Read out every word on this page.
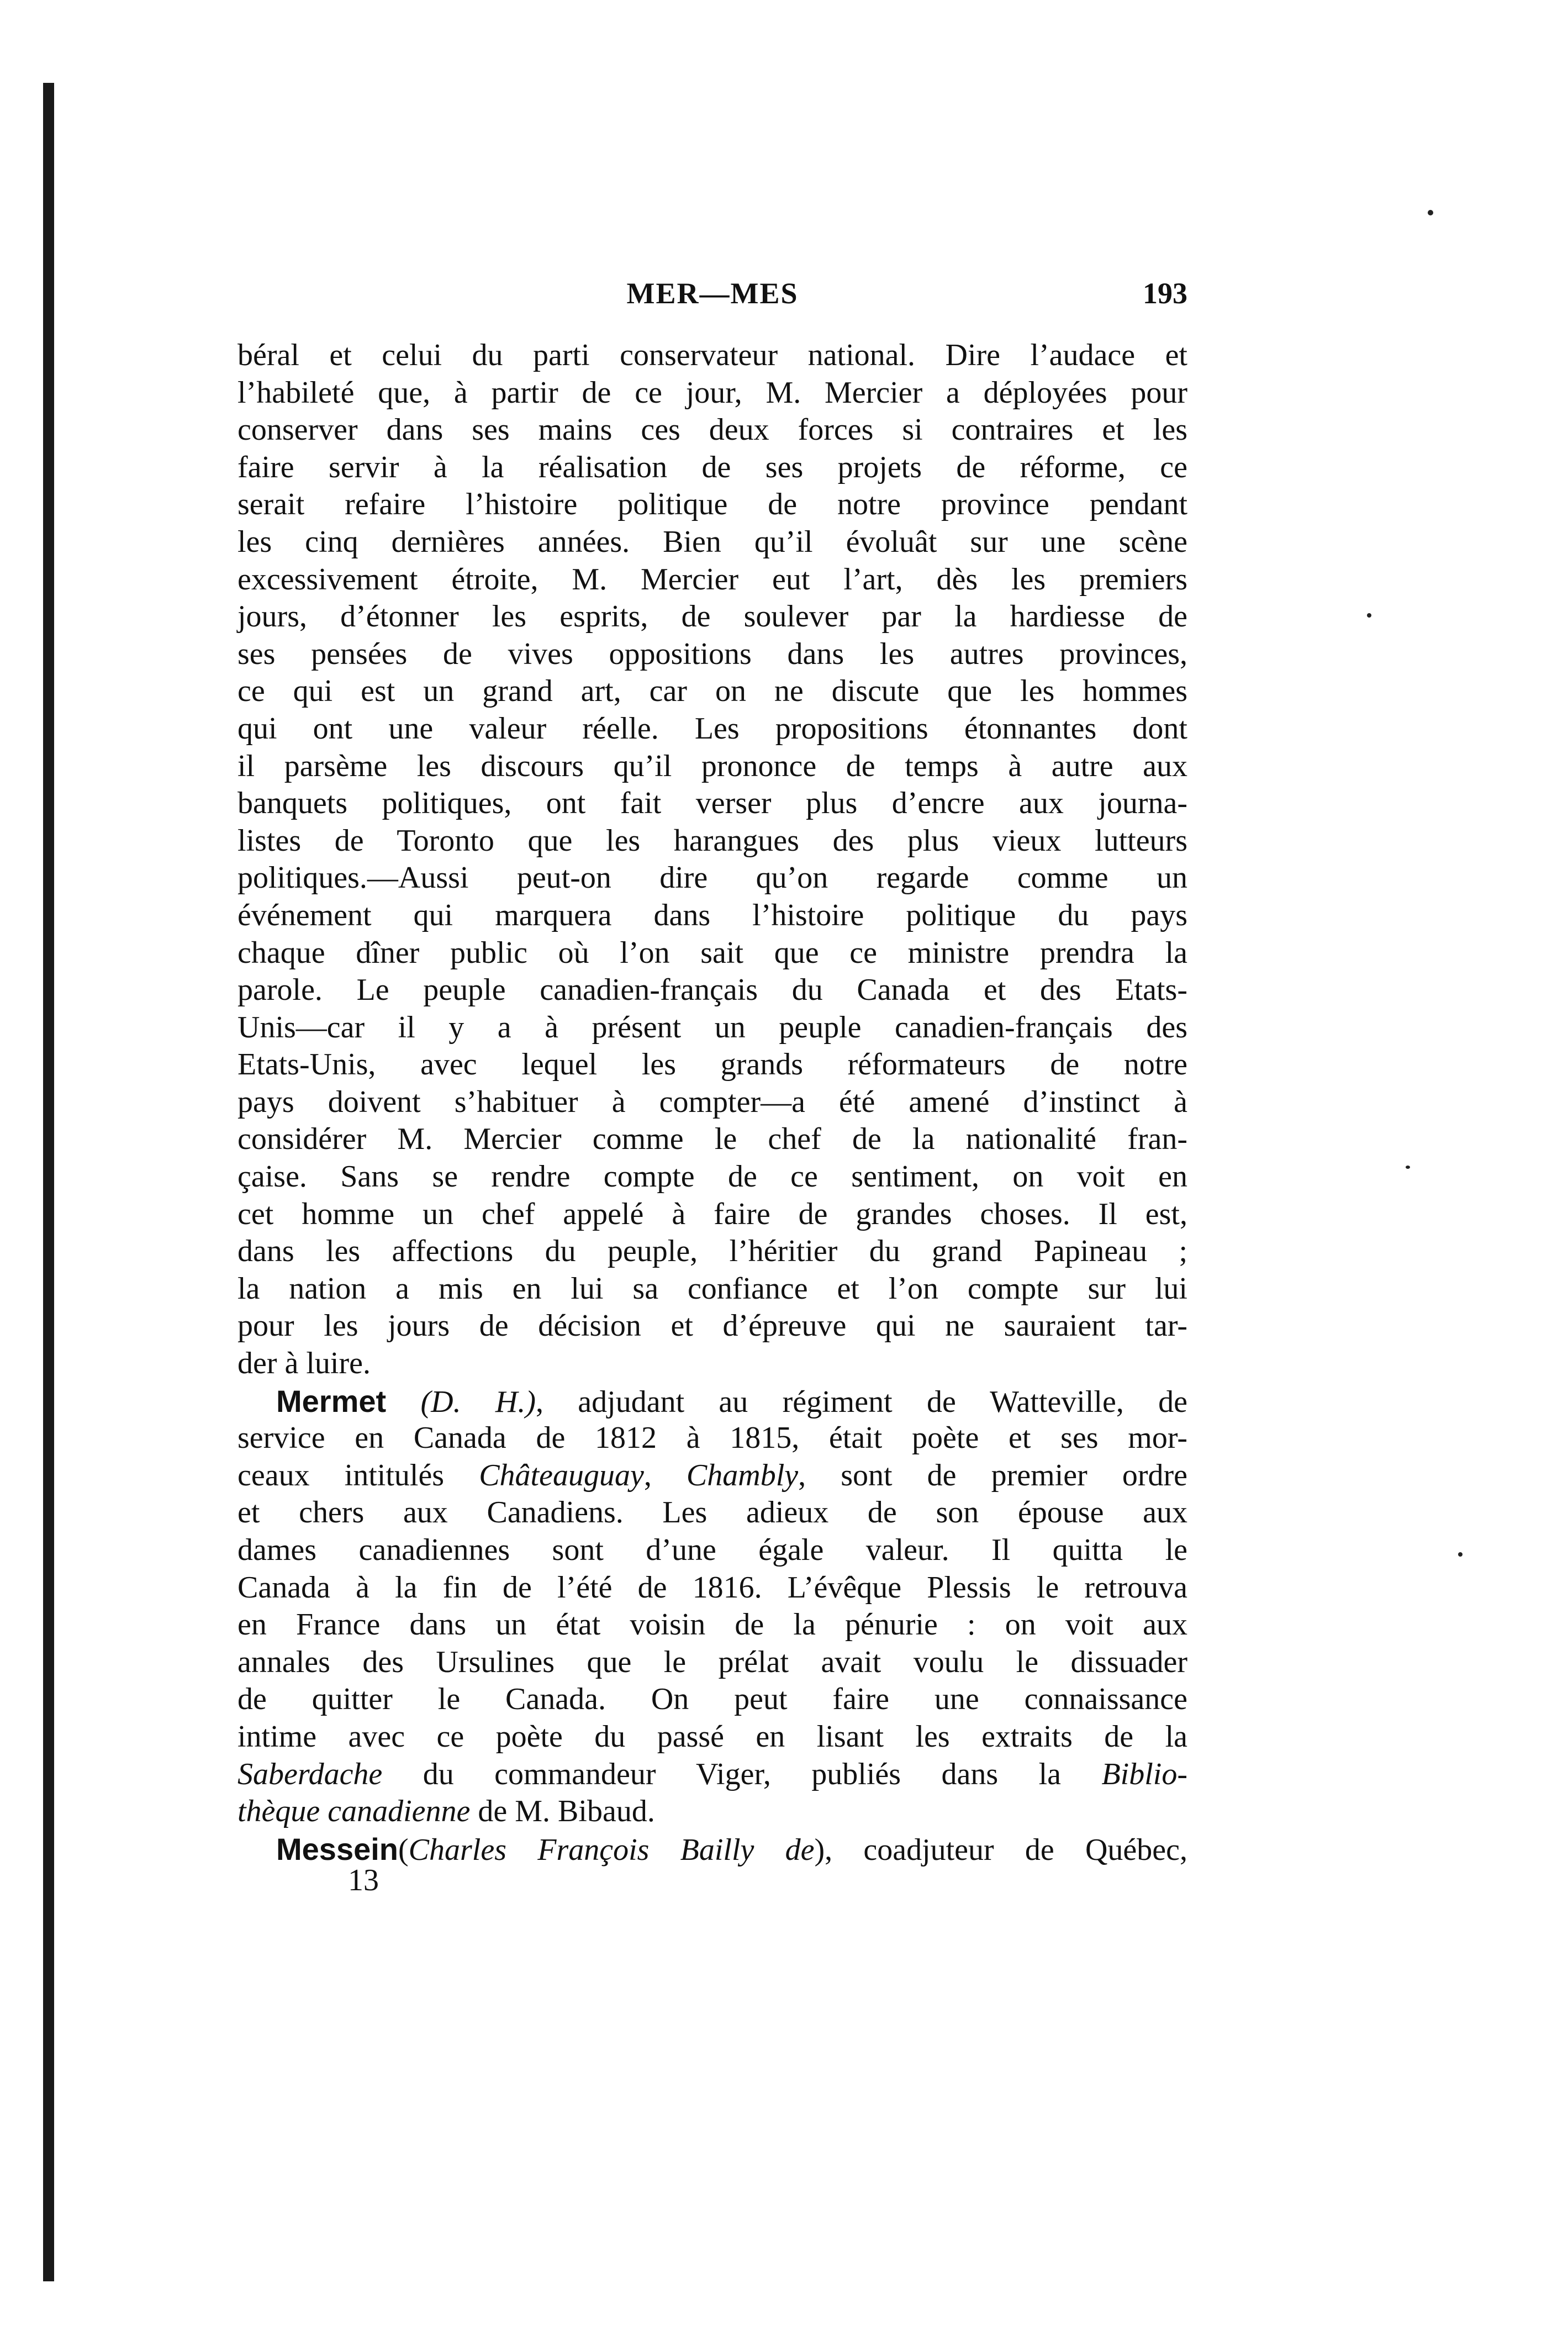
MER—MES	193
béral et celui du parti conservateur national. Dire l’audace et
l’habileté que, à partir de ce jour, M. Mercier a déployées pour
conserver dans ses mains ces deux forces si contraires et les
faire servir à la réalisation de ses projets de réforme, ce
serait refaire l’histoire politique de notre province pendant
les cinq dernières années. Bien qu’il évoluât sur une scène
excessivement étroite, M. Mercier eut l’art, dès les premiers
jours, d’étonner les esprits, de soulever par la hardiesse de
ses pensées de vives oppositions dans les autres provinces,
ce qui est un grand art, car on ne discute que les hommes
qui ont une valeur réelle. Les propositions étonnantes dont
il parsème les discours qu’il prononce de temps à autre aux
banquets politiques, ont fait verser plus d’encre aux journa-
listes de Toronto que les harangues des plus vieux lutteurs
politiques.—Aussi peut-on dire qu’on regarde comme un
événement qui marquera dans l’histoire politique du pays
chaque dîner public où l’on sait que ce ministre prendra la
parole. Le peuple canadien-français du Canada et des Etats-
Unis—car il y a à présent un peuple canadien-français des
Etats-Unis, avec lequel les grands réformateurs de notre
pays doivent s’habituer à compter—a été amené d’instinct à
considérer M. Mercier comme le chef de la nationalité fran-
çaise. Sans se rendre compte de ce sentiment, on voit en
cet homme un chef appelé à faire de grandes choses. Il est,
dans les affections du peuple, l’héritier du grand Papineau ;
la nation a mis en lui sa confiance et l’on compte sur lui
pour les jours de décision et d’épreuve qui ne sauraient tar-
der à luire.
Mermet (D. H.), adjudant au régiment de Watteville, de
service en Canada de 1812 à 1815, était poète et ses mor-
ceaux intitulés Châteauguay, Chambly, sont de premier ordre
et chers aux Canadiens. Les adieux de son épouse aux
dames canadiennes sont d’une égale valeur. Il quitta le
Canada à la fin de l’été de 1816. L’évêque Plessis le retrouva
en France dans un état voisin de la pénurie : on voit aux
annales des Ursulines que le prélat avait voulu le dissuader
de quitter le Canada. On peut faire une connaissance
intime avec ce poète du passé en lisant les extraits de la
Saberdache du commandeur Viger, publiés dans la Biblio-
thèque canadienne de M. Bibaud.
Messein(Charles François Bailly de), coadjuteur de Québec,
13
